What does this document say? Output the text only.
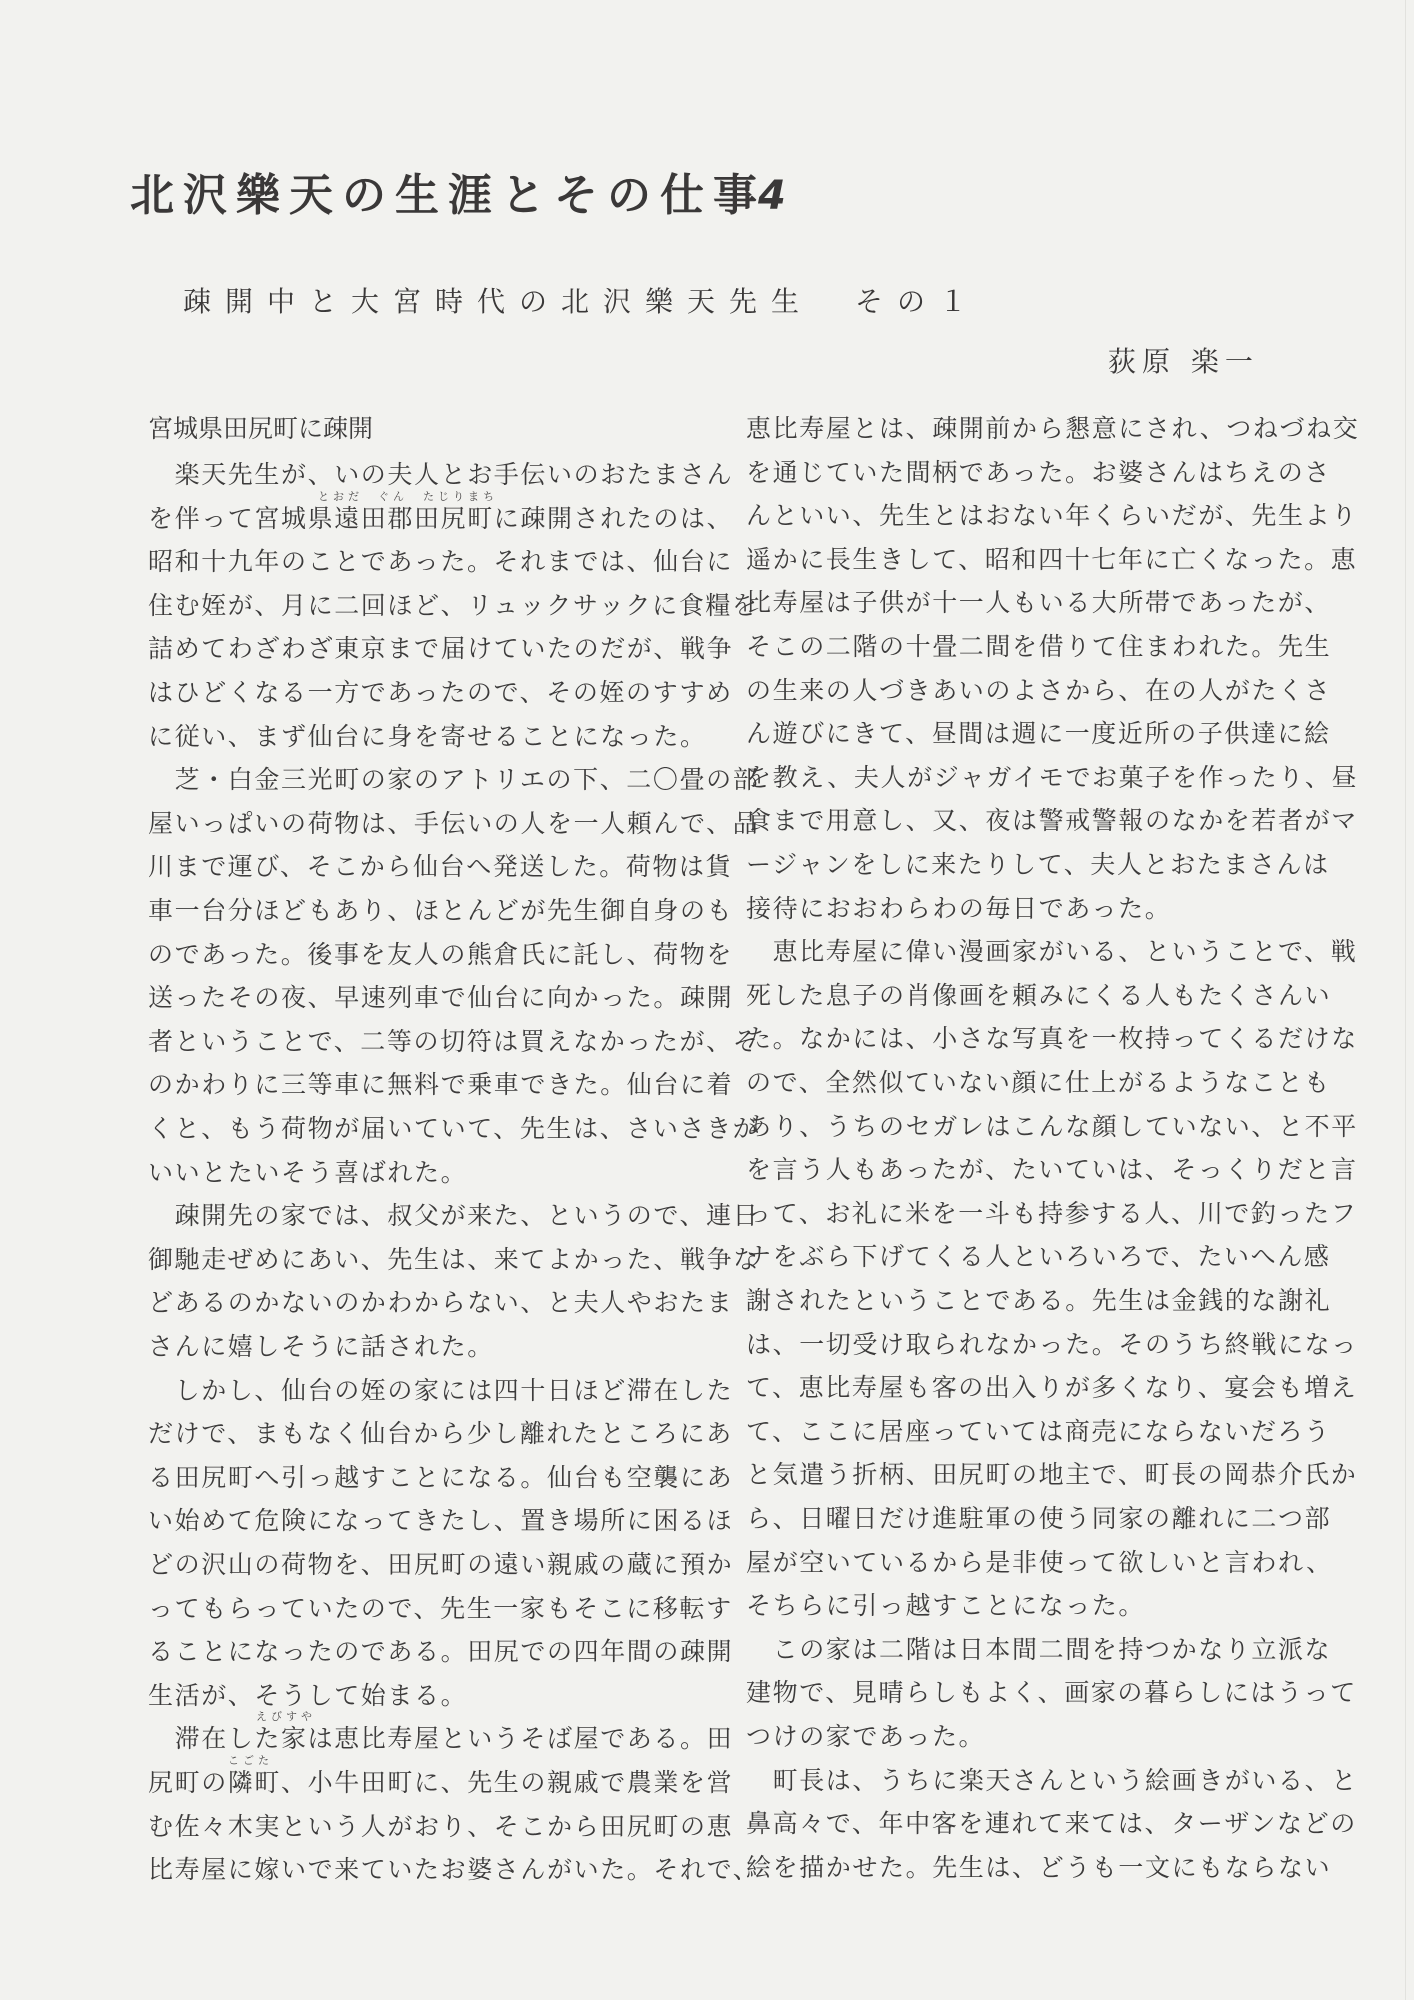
北沢樂天の生涯とその仕事
4
疎開中と大宮時代の北沢樂天先生　その１
荻原 楽一
宮城県田尻町に疎開
　楽天先生が、いの夫人とお手伝いのおたまさん
を伴って宮城県遠田郡田尻町に疎開されたのは、
昭和十九年のことであった。それまでは、仙台に
住む姪が、月に二回ほど、リュックサックに食糧を
詰めてわざわざ東京まで届けていたのだが、戦争
はひどくなる一方であったので、その姪のすすめ
に従い、まず仙台に身を寄せることになった。
　芝・白金三光町の家のアトリエの下、二〇畳の部
屋いっぱいの荷物は、手伝いの人を一人頼んで、品
川まで運び、そこから仙台へ発送した。荷物は貨
車一台分ほどもあり、ほとんどが先生御自身のも
のであった。後事を友人の熊倉氏に託し、荷物を
送ったその夜、早速列車で仙台に向かった。疎開
者ということで、二等の切符は買えなかったが、そ
のかわりに三等車に無料で乗車できた。仙台に着
くと、もう荷物が届いていて、先生は、さいさきが
いいとたいそう喜ばれた。
　疎開先の家では、叔父が来た、というので、連日
御馳走ぜめにあい、先生は、来てよかった、戦争な
どあるのかないのかわからない、と夫人やおたま
さんに嬉しそうに話された。
　しかし、仙台の姪の家には四十日ほど滞在した
だけで、まもなく仙台から少し離れたところにあ
る田尻町へ引っ越すことになる。仙台も空襲にあ
い始めて危険になってきたし、置き場所に困るほ
どの沢山の荷物を、田尻町の遠い親戚の蔵に預か
ってもらっていたので、先生一家もそこに移転す
ることになったのである。田尻での四年間の疎開
生活が、そうして始まる。
　滞在した家は恵比寿屋というそば屋である。田
尻町の隣町、小牛田町に、先生の親戚で農業を営
む佐々木実という人がおり、そこから田尻町の恵
比寿屋に嫁いで来ていたお婆さんがいた。それで、
とおだ　ぐん　たじりまち
えびすや
こごた
恵比寿屋とは、疎開前から懇意にされ、つねづね交
を通じていた間柄であった。お婆さんはちえのさ
んといい、先生とはおない年くらいだが、先生より
遥かに長生きして、昭和四十七年に亡くなった。恵
比寿屋は子供が十一人もいる大所帯であったが、
そこの二階の十畳二間を借りて住まわれた。先生
の生来の人づきあいのよさから、在の人がたくさ
ん遊びにきて、昼間は週に一度近所の子供達に絵
を教え、夫人がジャガイモでお菓子を作ったり、昼
食まで用意し、又、夜は警戒警報のなかを若者がマ
ージャンをしに来たりして、夫人とおたまさんは
接待におおわらわの毎日であった。
　恵比寿屋に偉い漫画家がいる、ということで、戦
死した息子の肖像画を頼みにくる人もたくさんい
た。なかには、小さな写真を一枚持ってくるだけな
ので、全然似ていない顔に仕上がるようなことも
あり、うちのセガレはこんな顔していない、と不平
を言う人もあったが、たいていは、そっくりだと言
って、お礼に米を一斗も持参する人、川で釣ったフ
ナをぶら下げてくる人といろいろで、たいへん感
謝されたということである。先生は金銭的な謝礼
は、一切受け取られなかった。そのうち終戦になっ
て、恵比寿屋も客の出入りが多くなり、宴会も増え
て、ここに居座っていては商売にならないだろう
と気遣う折柄、田尻町の地主で、町長の岡恭介氏か
ら、日曜日だけ進駐軍の使う同家の離れに二つ部
屋が空いているから是非使って欲しいと言われ、
そちらに引っ越すことになった。
　この家は二階は日本間二間を持つかなり立派な
建物で、見晴らしもよく、画家の暮らしにはうって
つけの家であった。
　町長は、うちに楽天さんという絵画きがいる、と
鼻高々で、年中客を連れて来ては、ターザンなどの
絵を描かせた。先生は、どうも一文にもならない
